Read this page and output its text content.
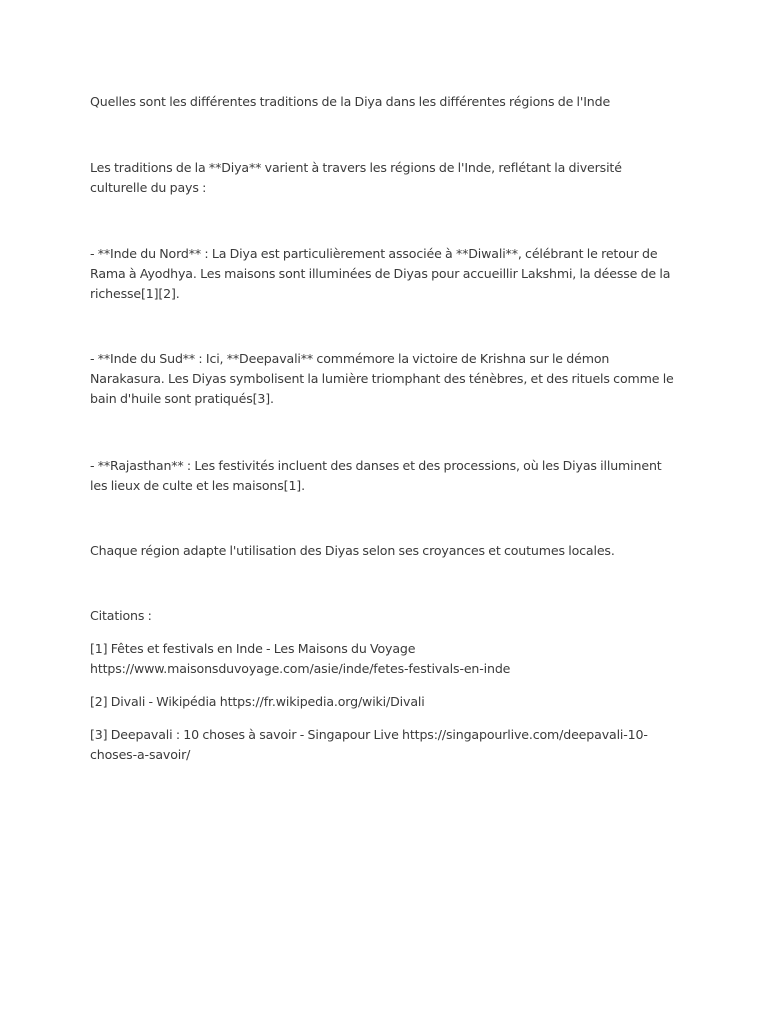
Quelles sont les différentes traditions de la Diya dans les différentes régions de l'Inde
Les traditions de la **Diya** varient à travers les régions de l'Inde, reflétant la diversité culturelle du pays :
- **Inde du Nord** : La Diya est particulièrement associée à **Diwali**, célébrant le retour de Rama à Ayodhya. Les maisons sont illuminées de Diyas pour accueillir Lakshmi, la déesse de la richesse[1][2].
- **Inde du Sud** : Ici, **Deepavali** commémore la victoire de Krishna sur le démon Narakasura. Les Diyas symbolisent la lumière triomphant des ténèbres, et des rituels comme le bain d'huile sont pratiqués[3].
- **Rajasthan** : Les festivités incluent des danses et des processions, où les Diyas illuminent les lieux de culte et les maisons[1].
Chaque région adapte l'utilisation des Diyas selon ses croyances et coutumes locales.
Citations :
[1] Fêtes et festivals en Inde - Les Maisons du Voyage
https://www.maisonsduvoyage.com/asie/inde/fetes-festivals-en-inde
[2] Divali - Wikipédia https://fr.wikipedia.org/wiki/Divali
[3] Deepavali : 10 choses à savoir - Singapour Live https://singapourlive.com/deepavali-10-choses-a-savoir/
